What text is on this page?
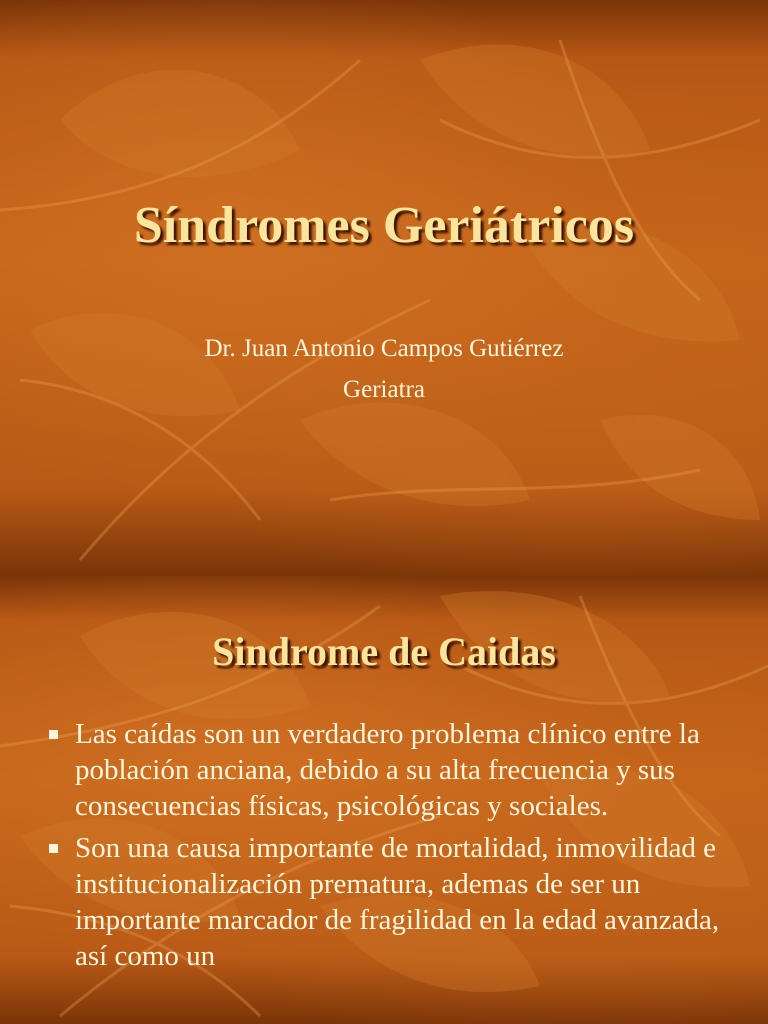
Síndromes Geriátricos
Dr. Juan Antonio Campos Gutiérrez
Geriatra
Sindrome de Caidas
Las caídas son un verdadero problema clínico entre la población anciana, debido a su alta frecuencia y sus consecuencias físicas, psicológicas y sociales.
Son una causa importante de mortalidad, inmovilidad e institucionalización prematura, ademas de ser un importante marcador de fragilidad en la edad avanzada, así como un
